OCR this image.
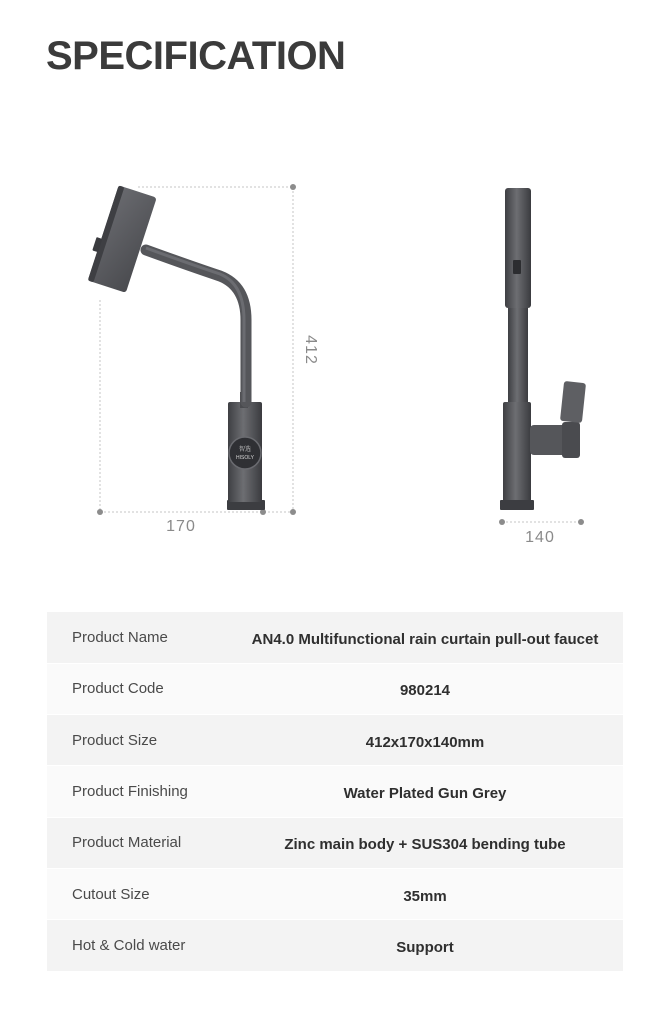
SPECIFICATION
智选
HISOLY
412
170
140
Product Name	AN4.0 Multifunctional rain curtain pull-out faucet
Product Code	980214
Product Size	412x170x140mm
Product Finishing	Water Plated Gun Grey
Product Material	Zinc main body + SUS304 bending tube
Cutout Size	35mm
Hot & Cold water	Support
